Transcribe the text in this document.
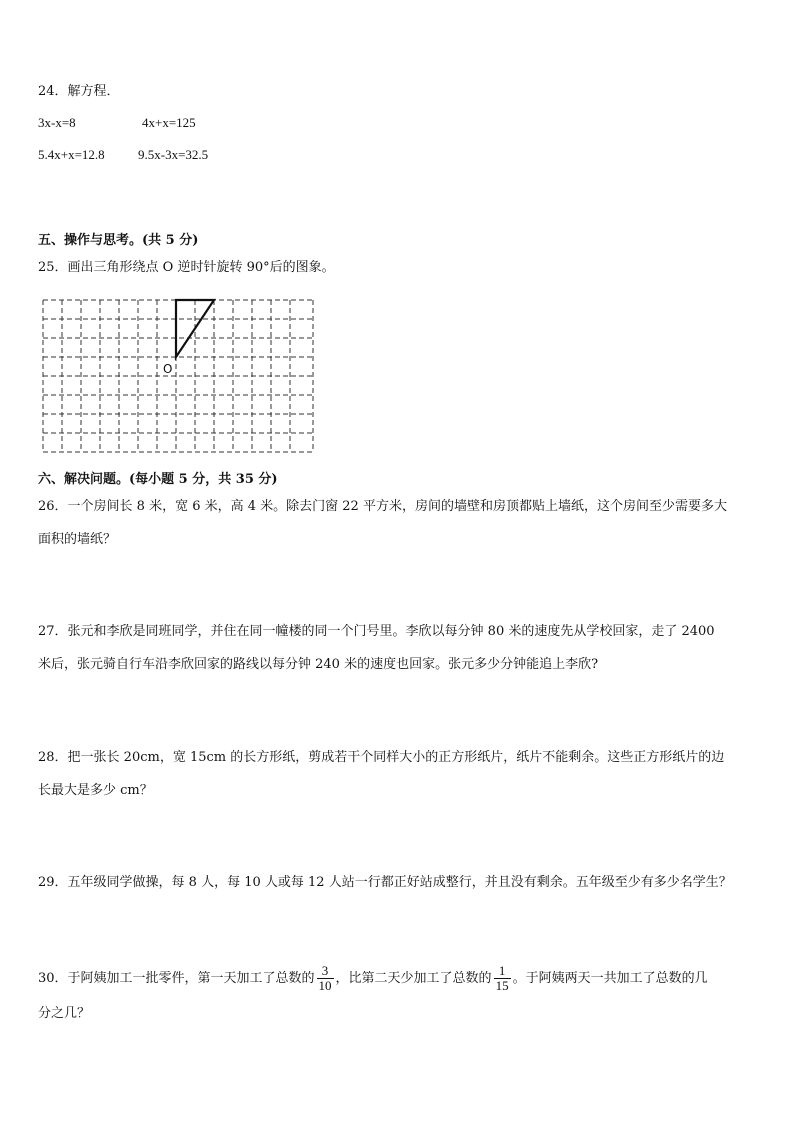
24．解方程．
3x-x=8	4x+x=125
5.4x+x=12.8	9.5x-3x=32.5
五、操作与思考。(共 5 分)
25．画出三角形绕点 O 逆时针旋转 90°后的图象。
O
六、解决问题。(每小题 5 分，共 35 分)
26．一个房间长 8 米，宽 6 米，高 4 米。除去门窗 22 平方米，房间的墙壁和房顶都贴上墙纸，这个房间至少需要多大
面积的墙纸？
27．张元和李欣是同班同学，并住在同一幢楼的同一个门号里。李欣以每分钟 80 米的速度先从学校回家，走了 2400
米后，张元骑自行车沿李欣回家的路线以每分钟 240 米的速度也回家。张元多少分钟能追上李欣?
28．把一张长 20cm，宽 15cm 的长方形纸，剪成若干个同样大小的正方形纸片，纸片不能剩余。这些正方形纸片的边
长最大是多少 cm？
29．五年级同学做操，每 8 人，每 10 人或每 12 人站一行都正好站成整行，并且没有剩余。五年级至少有多少名学生？
30．于阿姨加工一批零件，第一天加工了总数的 $\frac{3}{10}$ ，比第二天少加工了总数的 $\frac{1}{15}$ 。于阿姨两天一共加工了总数的几
分之几？
